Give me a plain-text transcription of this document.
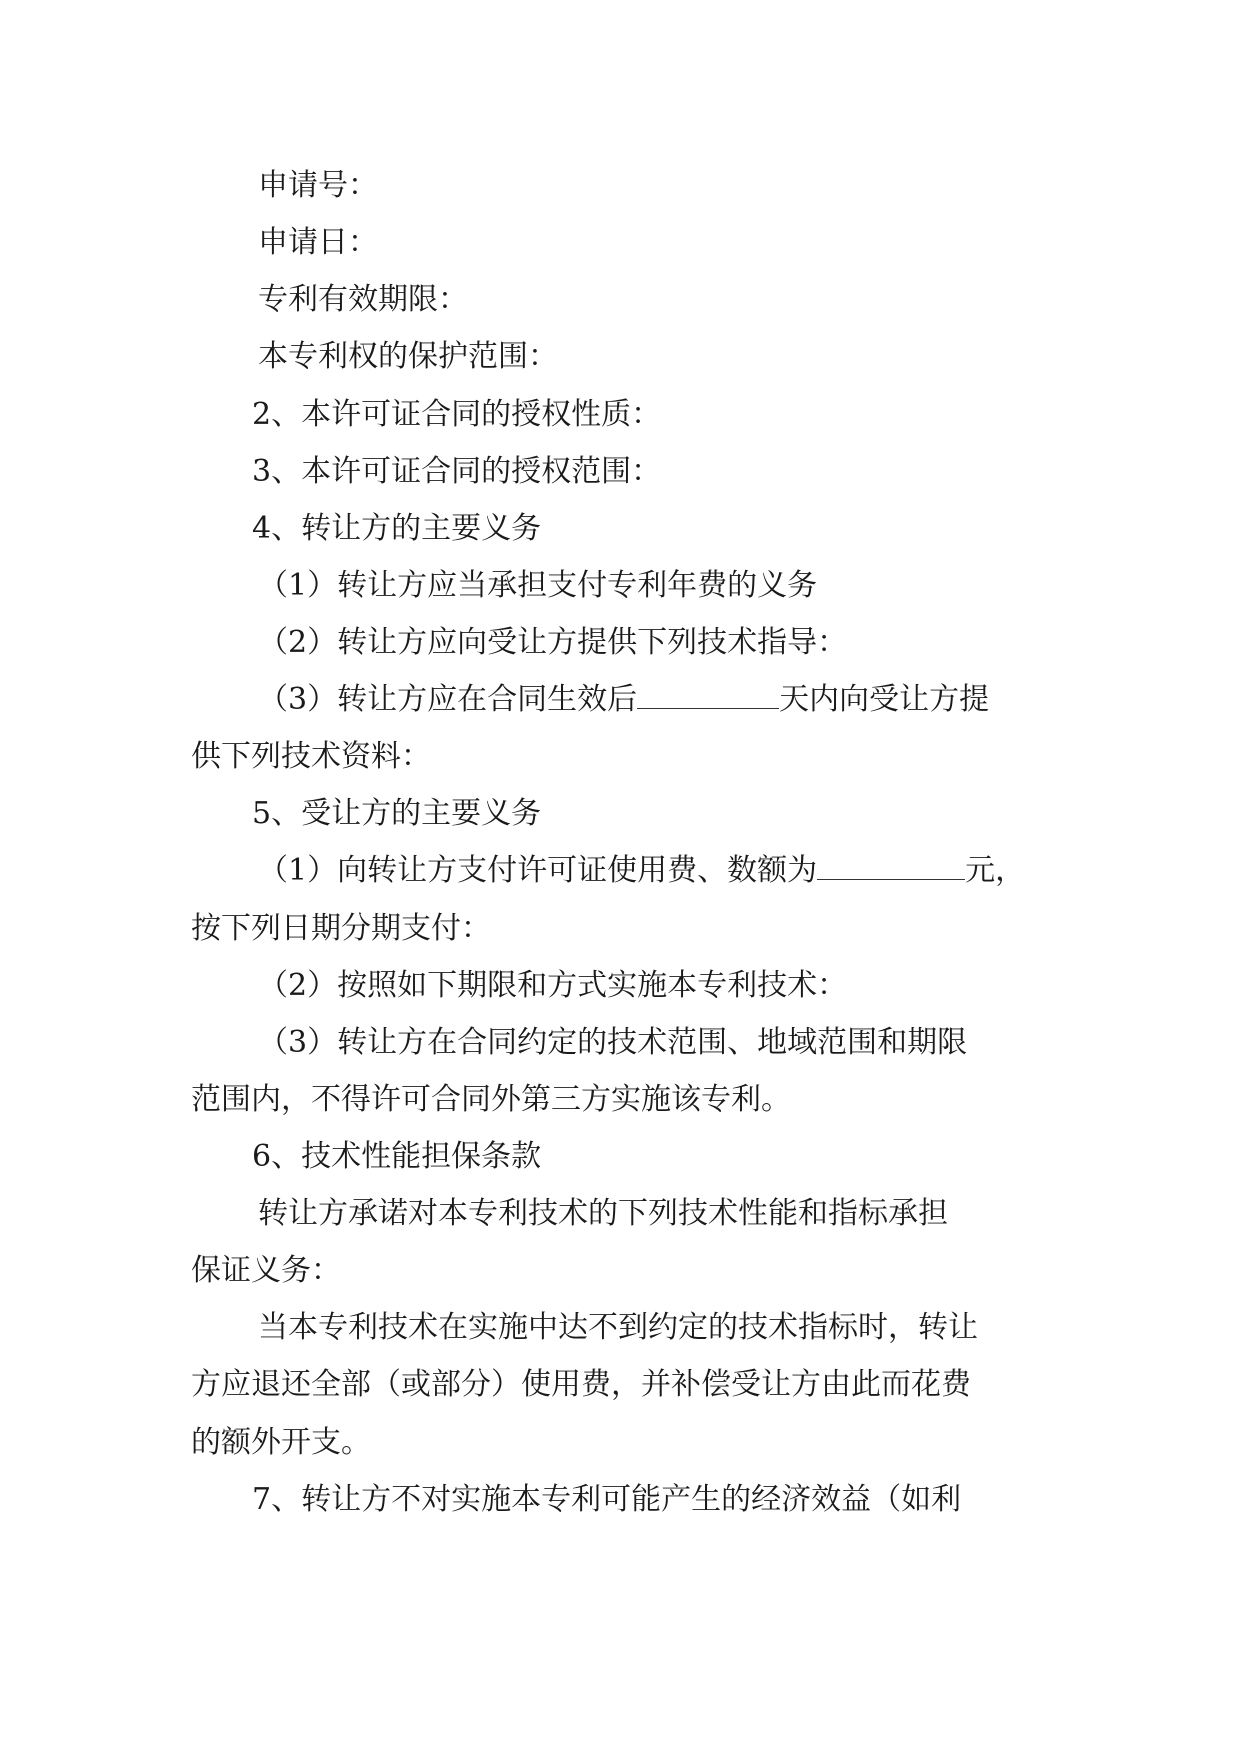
申请号：
申请日：
专利有效期限：
本专利权的保护范围：
2、本许可证合同的授权性质：
3、本许可证合同的授权范围：
4、转让方的主要义务
（1）转让方应当承担支付专利年费的义务
（2）转让方应向受让方提供下列技术指导：
（3）转让方应在合同生效后	天内向受让方提
供下列技术资料：
5、受让方的主要义务
（1）向转让方支付许可证使用费、数额为	元，
按下列日期分期支付：
（2）按照如下期限和方式实施本专利技术：
（3）转让方在合同约定的技术范围、地域范围和期限
范围内，不得许可合同外第三方实施该专利。
6、技术性能担保条款
转让方承诺对本专利技术的下列技术性能和指标承担
保证义务：
当本专利技术在实施中达不到约定的技术指标时，转让
方应退还全部（或部分）使用费，并补偿受让方由此而花费
的额外开支。
7、转让方不对实施本专利可能产生的经济效益（如利
